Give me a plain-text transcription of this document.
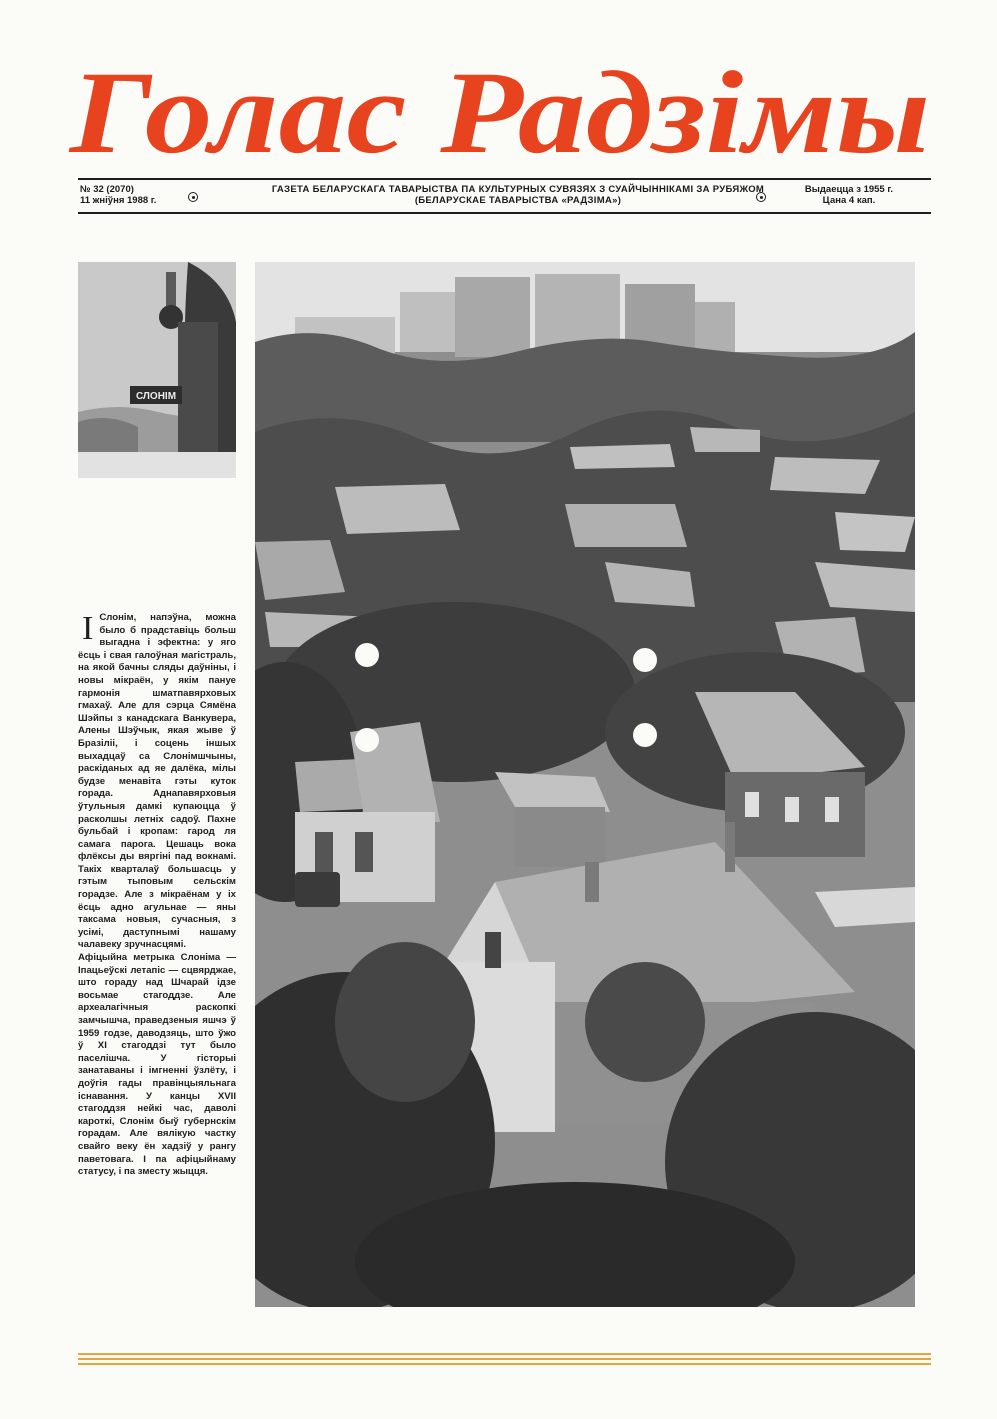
Голас Радзімы
№ 32 (2070)
11 жніўня 1988 г.
ГАЗЕТА БЕЛАРУСКАГА ТАВАРЫСТВА ПА КУЛЬТУРНЫХ СУВЯЗЯХ З СУАЙЧЫННІКАМІ ЗА РУБЯЖОМ
(БЕЛАРУСКАЕ ТАВАРЫСТВА «РАДЗІМА»)
Выдаецца з 1955 г.
Цана 4 кап.
СЛОНІМ

І Слонім, напэўна, можна было б прадставіць больш выгадна і эфектна: у яго ёсць і свая галоўная магістраль, на якой бачны сляды даўніны, і новы мікраён, у якім пануе гармонія шматпавярховых гмахаў. Але для сэрца Сямёна Шэйпы з канадскага Ванкувера, Алены Шэўчык, якая жыве ў Бразіліі, і соцень іншых выхадцаў са Слонімшчыны, раскіданых ад яе далёка, мілы будзе менавіта гэты куток горада. Аднапавярховыя ўтульныя дамкі купаюцца ў расколшы летніх садоў. Пахне бульбай і кропам: гарод ля самага парога. Цешаць вока флёксы ды вяргіні пад вокнамі. Такіх кварталаў большасць у гэтым тыповым сельскім горадзе. Але з мікраёнам у іх ёсць адно агульнае — яны таксама новыя, сучасныя, з усімі, даступнымі нашаму чалавеку зручнасцямі.

Афіцыйна метрыка Слоніма — Іпацьеўскі летапіс — сцвярджае, што гораду над Шчарай ідзе восьмае стагоддзе. Але археалагічныя раскопкі замчышча, праведзеныя яшчэ ў 1959 годзе, даводзяць, што ўжо ў XI стагоддзі тут было паселішча. У гісторыі занатаваны і імгненні ўзлёту, і доўгія гады правінцыяльнага існавання. У канцы XVII стагоддзя нейкі час, даволі кароткі, Слонім быў губернскім горадам. Але вялікую частку свайго веку ён хадзіў у рангу паветовага. І па афіцыйнаму статусу, і па зместу жыцця.
